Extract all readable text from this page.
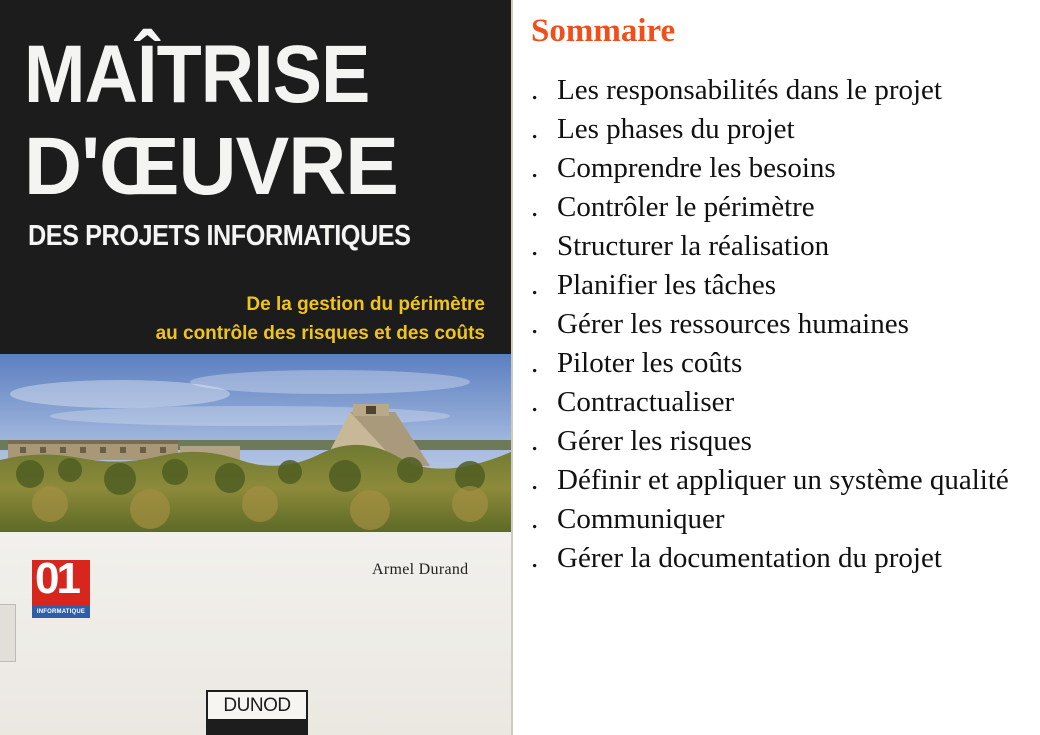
MAÎTRISE
D'ŒUVRE
DES PROJETS INFORMATIQUES
De la gestion du périmètre
au contrôle des risques et des coûts
01
INFORMATIQUE
Armel Durand
DUNOD
Sommaire
. Les responsabilités dans le projet
. Les phases du projet
. Comprendre les besoins
. Contrôler le périmètre
. Structurer la réalisation
. Planifier les tâches
. Gérer les ressources humaines
. Piloter les coûts
. Contractualiser
. Gérer les risques
. Définir et appliquer un système qualité
. Communiquer
. Gérer la documentation du projet
